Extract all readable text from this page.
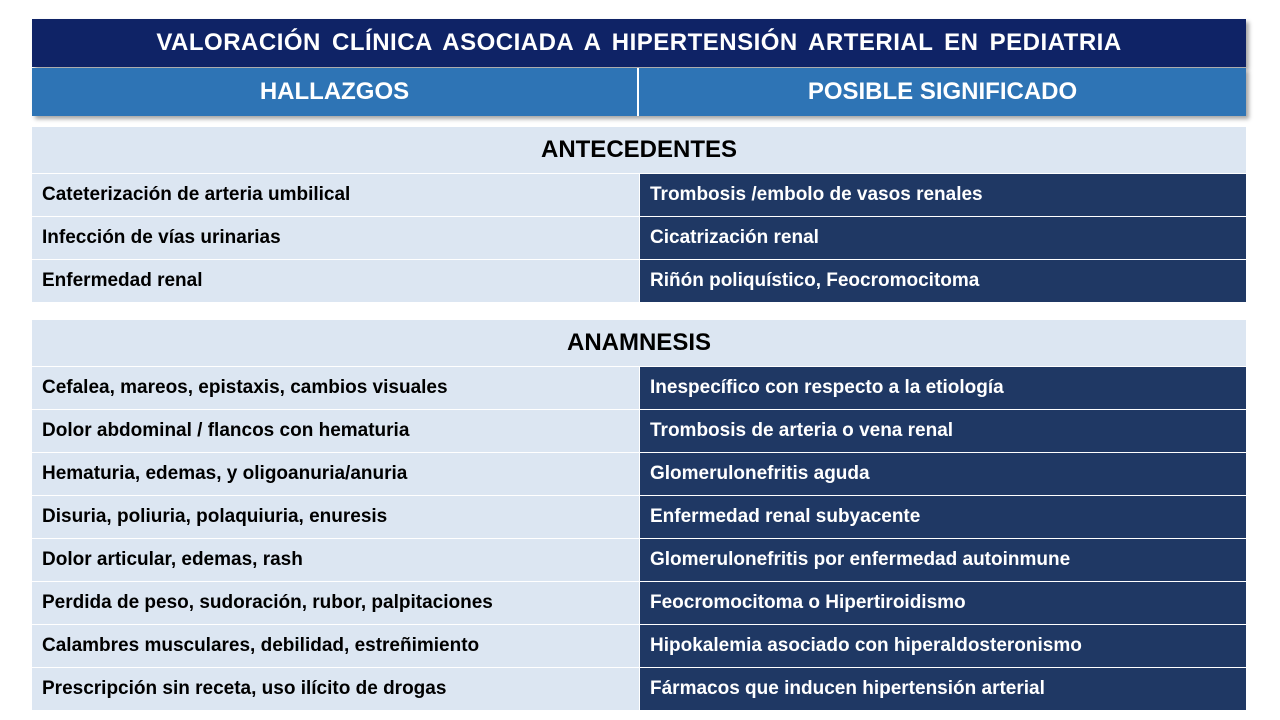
VALORACIÓN CLÍNICA ASOCIADA A HIPERTENSIÓN ARTERIAL EN PEDIATRIA
HALLAZGOS	POSIBLE SIGNIFICADO
ANTECEDENTES
Cateterización de arteria umbilical	Trombosis /embolo de vasos renales
Infección de vías urinarias	Cicatrización renal
Enfermedad renal	Riñón poliquístico, Feocromocitoma
ANAMNESIS
Cefalea, mareos, epistaxis, cambios visuales	Inespecífico con respecto a la etiología
Dolor abdominal / flancos con hematuria	Trombosis de arteria o vena renal
Hematuria, edemas, y oligoanuria/anuria	Glomerulonefritis aguda
Disuria, poliuria, polaquiuria, enuresis	Enfermedad renal subyacente
Dolor articular, edemas, rash	Glomerulonefritis por enfermedad autoinmune
Perdida de peso, sudoración, rubor, palpitaciones	Feocromocitoma o Hipertiroidismo
Calambres musculares, debilidad, estreñimiento	Hipokalemia asociado con hiperaldosteronismo
Prescripción sin receta, uso ilícito de drogas	Fármacos que inducen hipertensión arterial
